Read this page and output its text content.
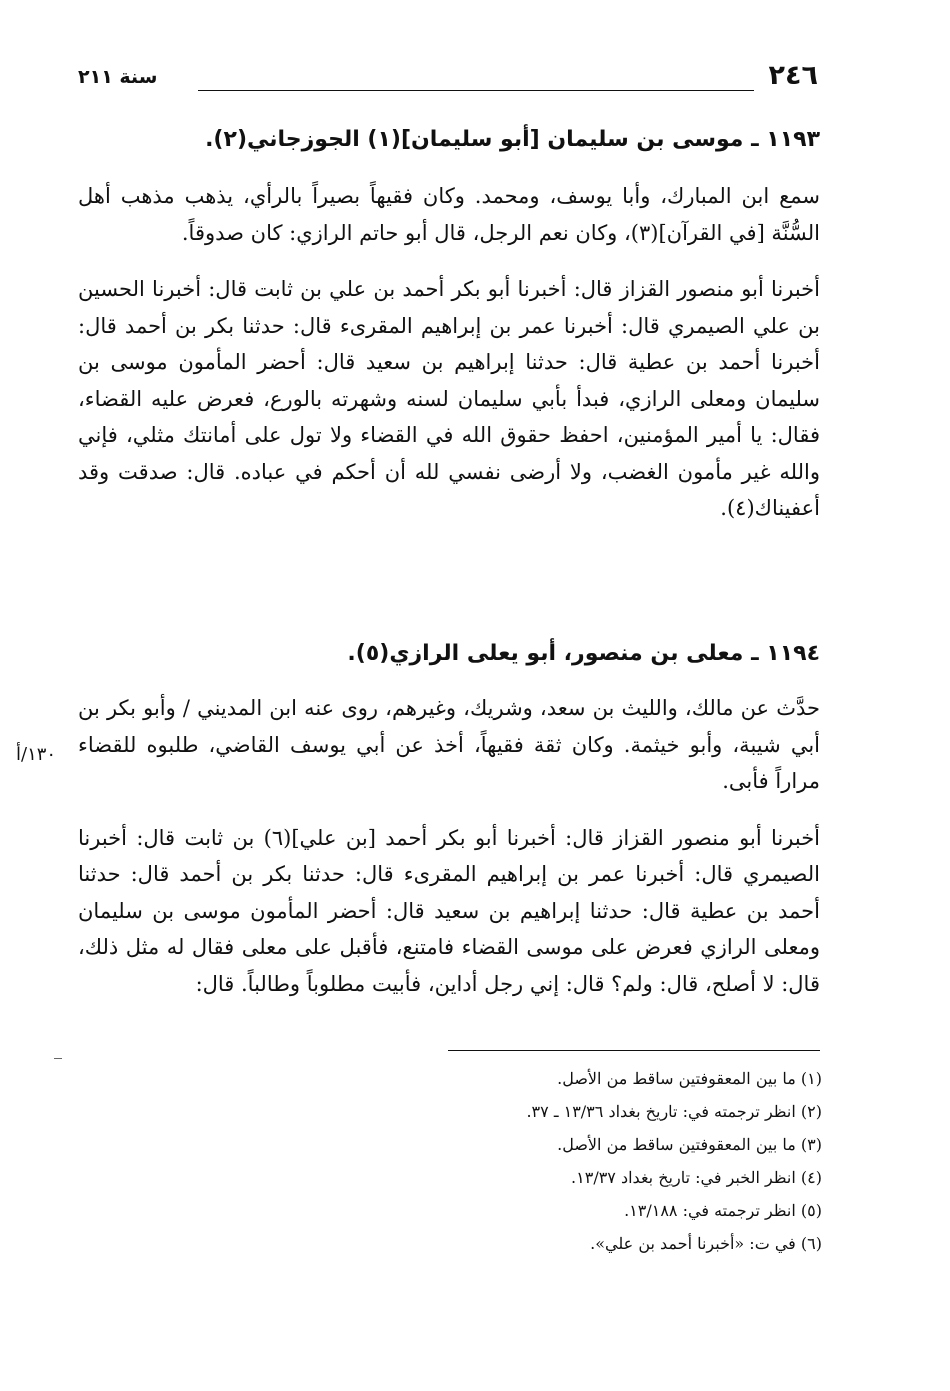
٢٤٦
سنة ٢١١
١١٩٣ ـ موسى بن سليمان [أبو سليمان](١) الجوزجاني(٢).

سمع ابن المبارك، وأبا يوسف، ومحمد. وكان فقيهاً بصيراً بالرأي، يذهب مذهب أهل السُّنَّة [في القرآن](٣)، وكان نعم الرجل، قال أبو حاتم الرازي: كان صدوقاً.

أخبرنا أبو منصور القزاز قال: أخبرنا أبو بكر أحمد بن علي بن ثابت قال: أخبرنا الحسين بن علي الصيمري قال: أخبرنا عمر بن إبراهيم المقرىء قال: حدثنا بكر بن أحمد قال: أخبرنا أحمد بن عطية قال: حدثنا إبراهيم بن سعيد قال: أحضر المأمون موسى بن سليمان ومعلى الرازي، فبدأ بأبي سليمان لسنه وشهرته بالورع، فعرض عليه القضاء، فقال: يا أمير المؤمنين، احفظ حقوق الله في القضاء ولا تول على أمانتك مثلي، فإني والله غير مأمون الغضب، ولا أرضى نفسي لله أن أحكم في عباده. قال: صدقت وقد أعفيناك(٤).

١١٩٤ ـ معلى بن منصور، أبو يعلى الرازي(٥).

حدَّث عن مالك، والليث بن سعد، وشريك، وغيرهم، روى عنه ابن المديني / وأبو بكر بن أبي شيبة، وأبو خيثمة. وكان ثقة فقيهاً، أخذ عن أبي يوسف القاضي، طلبوه للقضاء مراراً فأبى.

أخبرنا أبو منصور القزاز قال: أخبرنا أبو بكر أحمد [بن علي](٦) بن ثابت قال: أخبرنا الصيمري قال: أخبرنا عمر بن إبراهيم المقرىء قال: حدثنا بكر بن أحمد قال: حدثنا أحمد بن عطية قال: حدثنا إبراهيم بن سعيد قال: أحضر المأمون موسى بن سليمان ومعلى الرازي فعرض على موسى القضاء فامتنع، فأقبل على معلى فقال له مثل ذلك، قال: لا أصلح، قال: ولم؟ قال: إني رجل أداين، فأبيت مطلوباً وطالباً. قال:

١٣٠/أ

(١) ما بين المعقوفتين ساقط من الأصل.

(٢) انظر ترجمته في: تاريخ بغداد ١٣/٣٦ ـ ٣٧.

(٣) ما بين المعقوفتين ساقط من الأصل.

(٤) انظر الخبر في: تاريخ بغداد ١٣/٣٧.

(٥) انظر ترجمته في: ١٣/١٨٨.

(٦) في ت: «أخبرنا أحمد بن علي».
